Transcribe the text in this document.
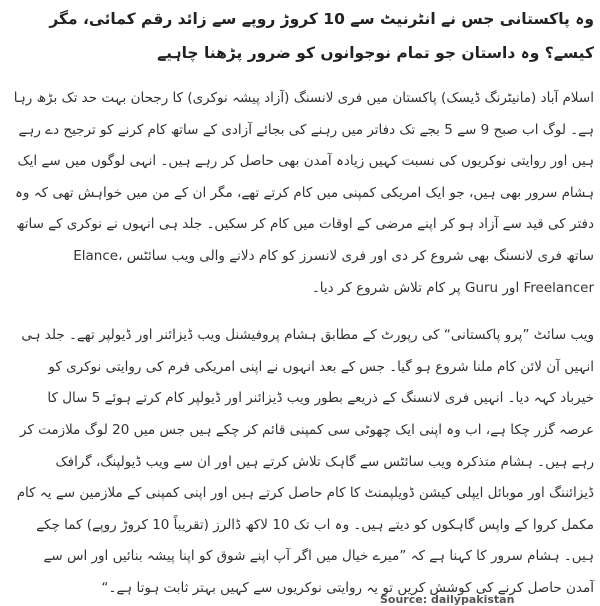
وہ پاکستانی جس نے انٹرنیٹ سے 10 کروڑ روپے سے زائد رقم کمائی، مگر کیسے؟ وہ داستان جو تمام نوجوانوں کو ضرور پڑھنا چاہیے
اسلام آباد (مانیٹرنگ ڈیسک) پاکستان میں فری لانسنگ (آزاد پیشہ نوکری) کا رجحان بہت حد تک بڑھ رہا ہے۔ لوگ اب صبح 9 سے 5 بجے تک دفاتر میں رہنے کی بجائے آزادی کے ساتھ کام کرنے کو ترجیح دے رہے ہیں اور روایتی نوکریوں کی نسبت کہیں زیادہ آمدن بھی حاصل کر رہے ہیں۔ انہی لوگوں میں سے ایک ہشام سرور بھی ہیں، جو ایک امریکی کمپنی میں کام کرتے تھے، مگر ان کے من میں خواہش تھی کہ وہ دفتر کی قید سے آزاد ہو کر اپنے مرضی کے اوقات میں کام کر سکیں۔ جلد ہی انہوں نے نوکری کے ساتھ ساتھ فری لانسنگ بھی شروع کر دی اور فری لانسرز کو کام دلانے والی ویب سائٹس Elance، Freelancer اور Guru پر کام تلاش شروع کر دیا۔
ویب سائٹ ”پرو پاکستانی“ کی رپورٹ کے مطابق ہشام پروفیشنل ویب ڈیزائنر اور ڈیولپر تھے۔ جلد ہی انہیں آن لائن کام ملنا شروع ہو گیا۔ جس کے بعد انہوں نے اپنی امریکی فرم کی روایتی نوکری کو خیرباد کہہ دیا۔ انہیں فری لانسنگ کے ذریعے بطور ویب ڈیزائنر اور ڈیولپر کام کرتے ہوئے 5 سال کا عرصہ گزر چکا ہے، اب وہ اپنی ایک چھوٹی سی کمپنی قائم کر چکے ہیں جس میں 20 لوگ ملازمت کر رہے ہیں۔ ہشام متذکرہ ویب سائٹس سے گاہک تلاش کرتے ہیں اور ان سے ویب ڈیولپنگ، گرافک ڈیزائننگ اور موبائل ایپلی کیشن ڈویلپمنٹ کا کام حاصل کرتے ہیں اور اپنی کمپنی کے ملازمین سے یہ کام مکمل کروا کے واپس گاہکوں کو دیتے ہیں۔ وہ اب تک 10 لاکھ ڈالرز (تقریباً 10 کروڑ روپے) کما چکے ہیں۔ ہشام سرور کا کہنا ہے کہ ”میرے خیال میں اگر آپ اپنے شوق کو اپنا پیشہ بنائیں اور اس سے آمدن حاصل کرنے کی کوشش کریں تو یہ روایتی نوکریوں سے کہیں بہتر ثابت ہوتا ہے۔“
Source: dailypakistan
